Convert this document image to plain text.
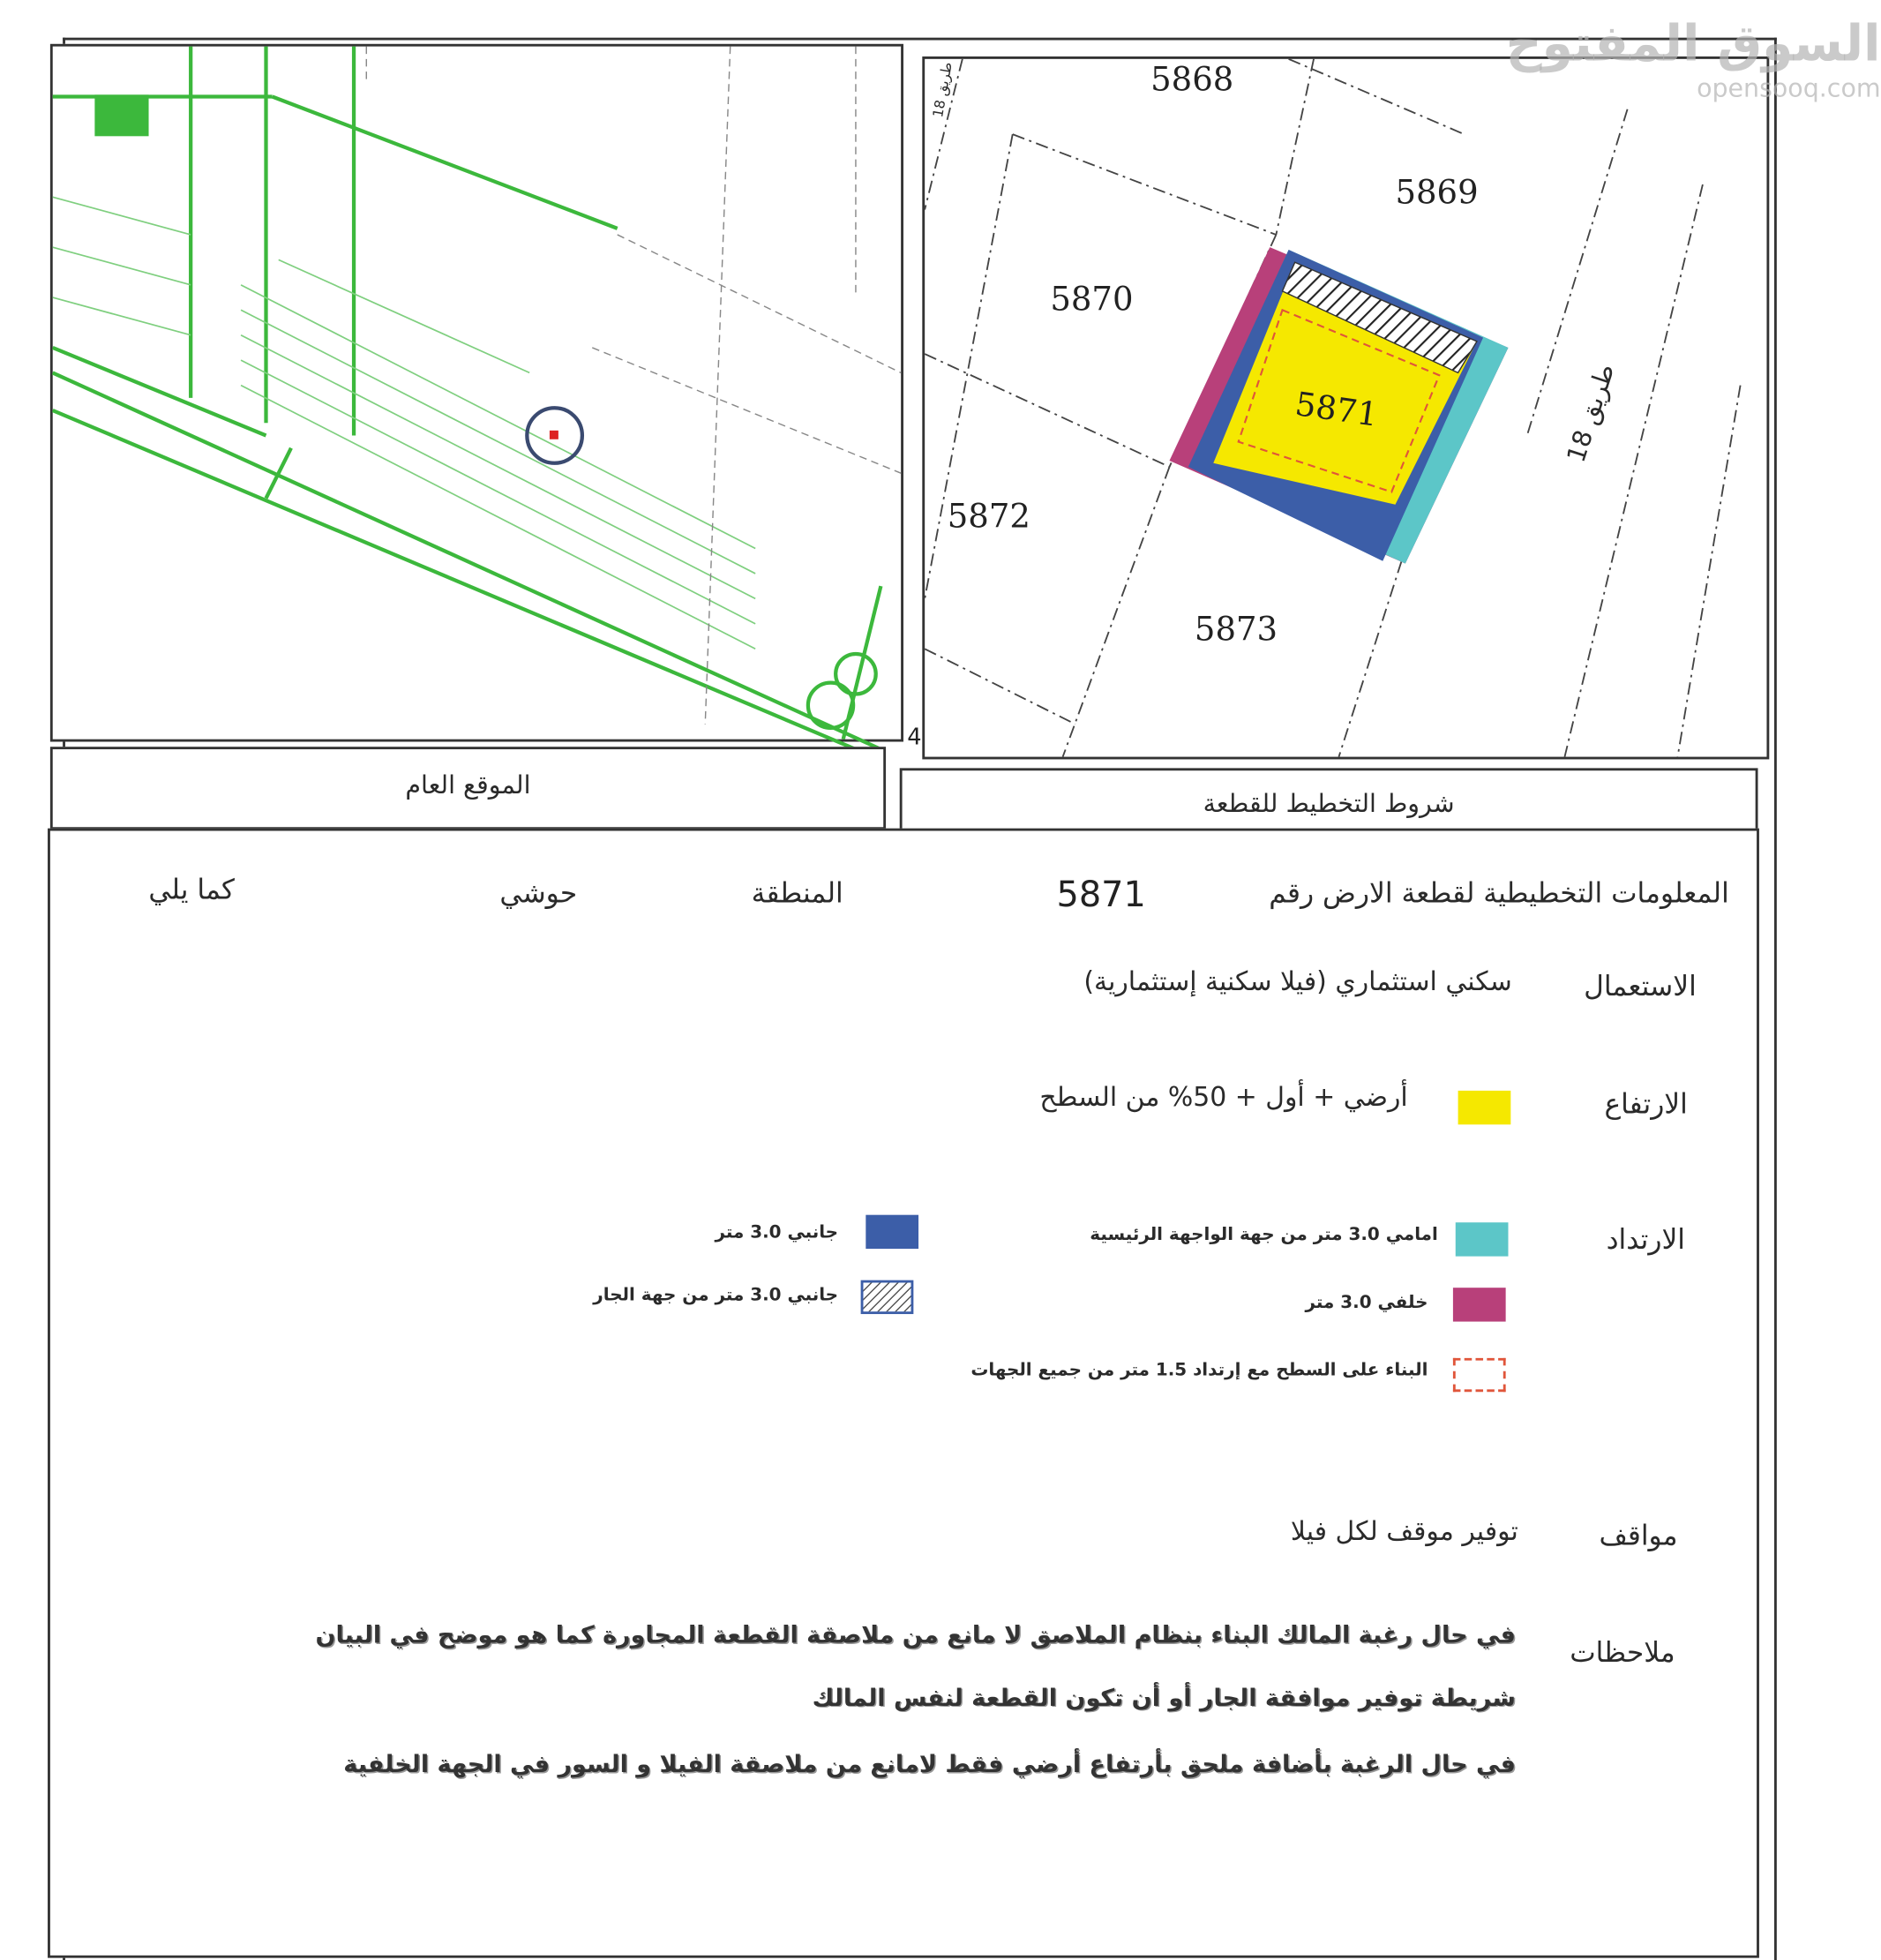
5868
5869
5870
5871
5872
5873
طريق 18
طريق 18
4
السوق المفتوح
opensooq.com
الموقع العام
شروط التخطيط للقطعة
المعلومات التخطيطية لقطعة الارض رقم
5871
المنطقة
حوشي
كما يلي
الاستعمال
سكني استثماري (فيلا سكنية إستثمارية)
الارتفاع
أرضي + أول + 50% من السطح
الارتداد
امامي 3.0 متر من جهة الواجهة الرئيسية
خلفي 3.0 متر
البناء على السطح مع إرتداد 1.5 متر من جميع الجهات
جانبي 3.0 متر
جانبي 3.0 متر من جهة الجار
مواقف
توفير موقف لكل فيلا
ملاحظات
في حال رغبة المالك البناء بنظام الملاصق لا مانع من ملاصقة القطعة المجاورة كما هو موضح في البيان
شريطة توفير موافقة الجار أو أن تكون القطعة لنفس المالك
في حال الرغبة بأضافة ملحق بأرتفاع أرضي فقط لامانع من ملاصقة الفيلا و السور في الجهة الخلفية
